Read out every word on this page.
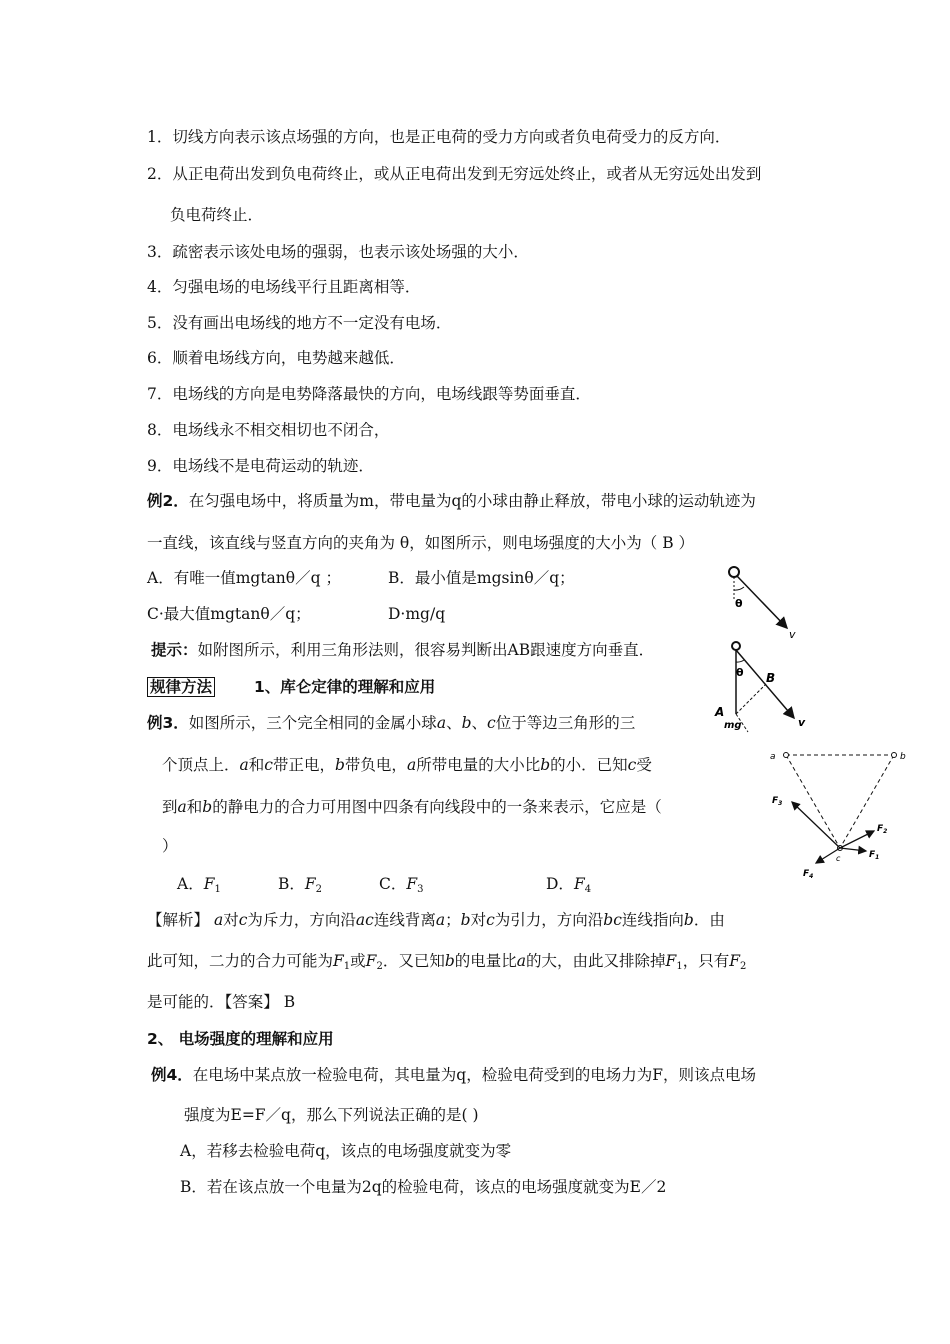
1．切线方向表示该点场强的方向，也是正电荷的受力方向或者负电荷受力的反方向．
2．从正电荷出发到负电荷终止，或从正电荷出发到无穷远处终止，或者从无穷远处出发到
负电荷终止．
3．疏密表示该处电场的强弱，也表示该处场强的大小．
4．匀强电场的电场线平行且距离相等．
5．没有画出电场线的地方不一定没有电场．
6．顺着电场线方向，电势越来越低．
7．电场线的方向是电势降落最快的方向，电场线跟等势面垂直．
8．电场线永不相交相切也不闭合，
9．电场线不是电荷运动的轨迹．
例2．在匀强电场中，将质量为m，带电量为q的小球由静止释放，带电小球的运动轨迹为
一直线，该直线与竖直方向的夹角为 θ，如图所示，则电场强度的大小为（ B ）
A．有唯一值mgtanθ／q ；	B．最小值是mgsinθ／q；
C·最大值mgtanθ／q；	D·mg/q
提示：如附图所示，利用三角形法则，很容易判断出AB跟速度方向垂直．
规律方法	1、库仑定律的理解和应用
例3．如图所示，三个完全相同的金属小球a、b、c位于等边三角形的三
个顶点上．a和c带正电，b带负电，a所带电量的大小比b的小．已知c受
到a和b的静电力的合力可用图中四条有向线段中的一条来表示，它应是（
）
A．$F_1$	B．$F_2$	C．$F_3$	D．$F_4$
【解析】 a对c为斥力，方向沿ac连线背离a；b对c为引力，方向沿bc连线指向b．由
此可知，二力的合力可能为$F_1$或$F_2$．又已知b的电量比a的大，由此又排除掉$F_1$，只有$F_2$
是可能的．【答案】 B
2、 电场强度的理解和应用
例4．在电场中某点放一检验电荷，其电量为q，检验电荷受到的电场力为F，则该点电场
强度为E=F／q，那么下列说法正确的是( )
A，若移去检验电荷q，该点的电场强度就变为零
B．若在该点放一个电量为2q的检验电荷，该点的电场强度就变为E／2
θ
v
θ B
A
mg	v
a	b
c
$F_3$
$F_2$
$F_1$
$F_4$
